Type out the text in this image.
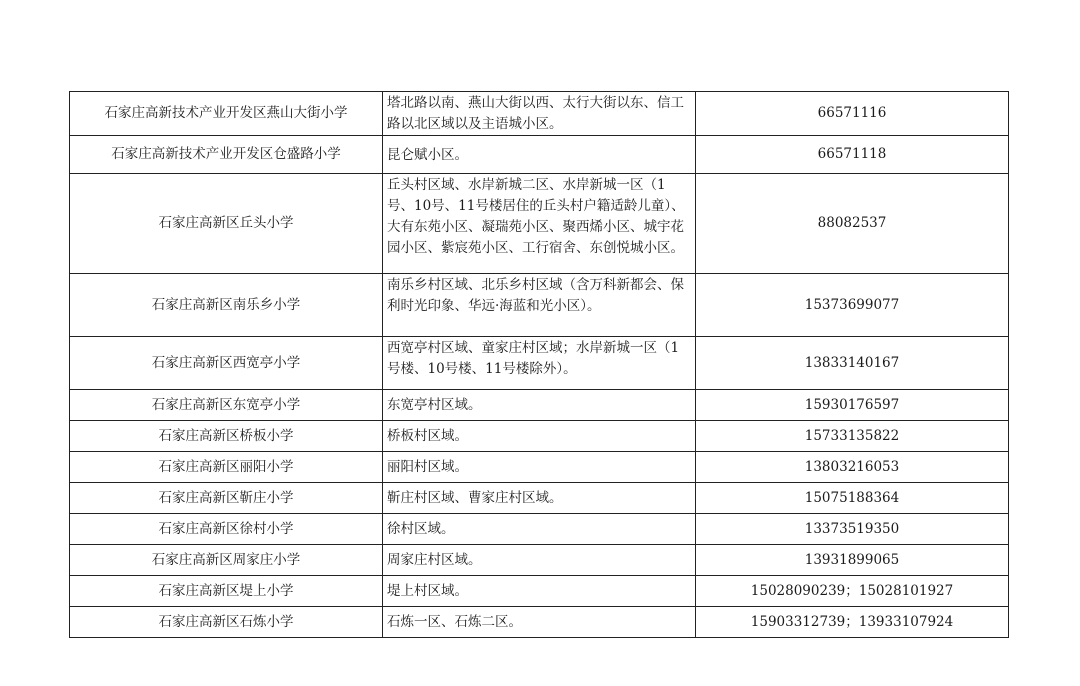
石家庄高新技术产业开发区燕山大街小学	塔北路以南、燕山大街以西、太行大街以东、信工路以北区域以及主语城小区。	66571116
石家庄高新技术产业开发区仓盛路小学	昆仑赋小区。	66571118
石家庄高新区丘头小学	丘头村区域、水岸新城二区、水岸新城一区（1号、10号、11号楼居住的丘头村户籍适龄儿童）、大有东苑小区、凝瑞苑小区、聚西烯小区、城宇花园小区、紫宸苑小区、工行宿舍、东创悦城小区。	88082537
石家庄高新区南乐乡小学	南乐乡村区域、北乐乡村区域（含万科新都会、保利时光印象、华远·海蓝和光小区）。	15373699077
石家庄高新区西宽亭小学	西宽亭村区域、童家庄村区域；水岸新城一区（1号楼、10号楼、11号楼除外）。	13833140167
石家庄高新区东宽亭小学	东宽亭村区域。	15930176597
石家庄高新区桥板小学	桥板村区域。	15733135822
石家庄高新区丽阳小学	丽阳村区域。	13803216053
石家庄高新区靳庄小学	靳庄村区域、曹家庄村区域。	15075188364
石家庄高新区徐村小学	徐村区域。	13373519350
石家庄高新区周家庄小学	周家庄村区域。	13931899065
石家庄高新区堤上小学	堤上村区域。	15028090239；15028101927
石家庄高新区石炼小学	石炼一区、石炼二区。	15903312739；13933107924
